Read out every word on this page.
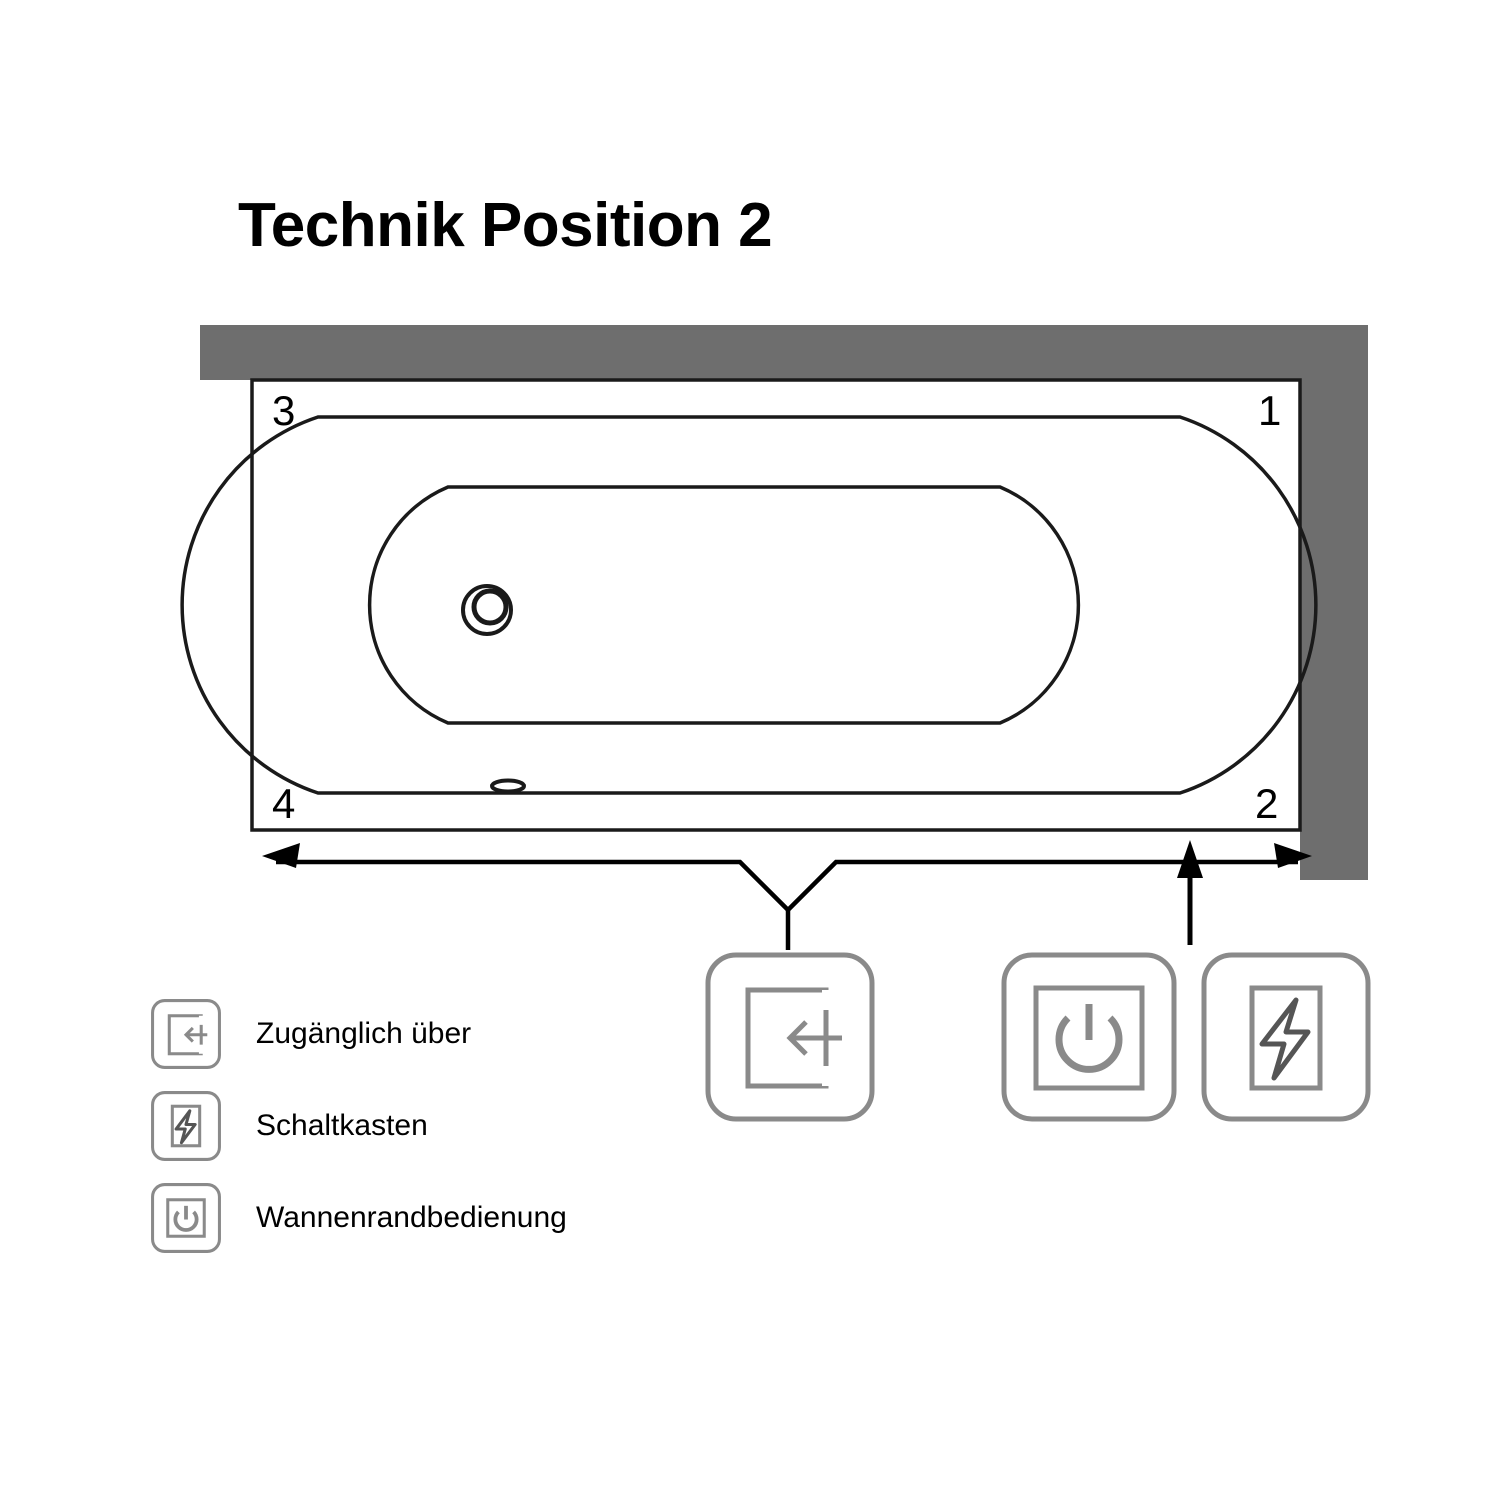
Technik Position 2
3	1
4	2
Zugänglich über
Schaltkasten
Wannenrandbedienung
